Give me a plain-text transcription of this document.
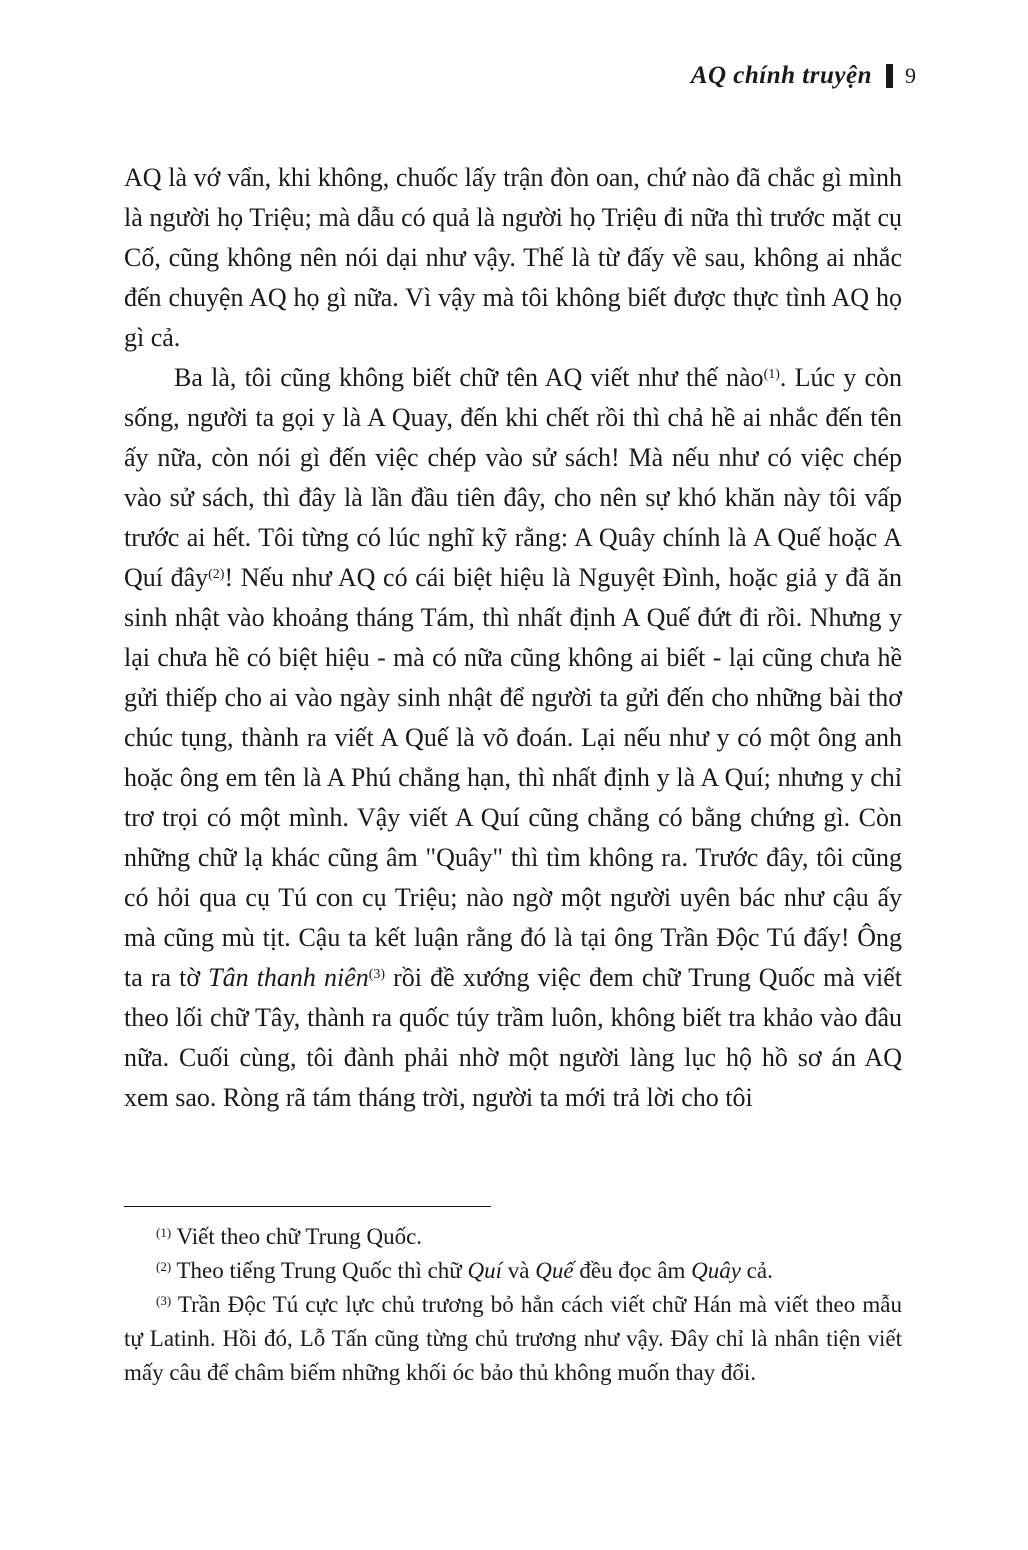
AQ chính truyện 9

AQ là vớ vẩn, khi không, chuốc lấy trận đòn oan, chứ nào đã chắc gì mình là người họ Triệu; mà dẫu có quả là người họ Triệu đi nữa thì trước mặt cụ Cố, cũng không nên nói dại như vậy. Thế là từ đấy về sau, không ai nhắc đến chuyện AQ họ gì nữa. Vì vậy mà tôi không biết được thực tình AQ họ gì cả.

Ba là, tôi cũng không biết chữ tên AQ viết như thế nào$^{(1)}$. Lúc y còn sống, người ta gọi y là A Quay, đến khi chết rồi thì chả hề ai nhắc đến tên ấy nữa, còn nói gì đến việc chép vào sử sách! Mà nếu như có việc chép vào sử sách, thì đây là lần đầu tiên đây, cho nên sự khó khăn này tôi vấp trước ai hết. Tôi từng có lúc nghĩ kỹ rằng: A Quây chính là A Quế hoặc A Quí đây$^{(2)}$! Nếu như AQ có cái biệt hiệu là Nguyệt Đình, hoặc giả y đã ăn sinh nhật vào khoảng tháng Tám, thì nhất định A Quế đứt đi rồi. Nhưng y lại chưa hề có biệt hiệu - mà có nữa cũng không ai biết - lại cũng chưa hề gửi thiếp cho ai vào ngày sinh nhật để người ta gửi đến cho những bài thơ chúc tụng, thành ra viết A Quế là võ đoán. Lại nếu như y có một ông anh hoặc ông em tên là A Phú chẳng hạn, thì nhất định y là A Quí; nhưng y chỉ trơ trọi có một mình. Vậy viết A Quí cũng chẳng có bằng chứng gì. Còn những chữ lạ khác cũng âm "Quây" thì tìm không ra. Trước đây, tôi cũng có hỏi qua cụ Tú con cụ Triệu; nào ngờ một người uyên bác như cậu ấy mà cũng mù tịt. Cậu ta kết luận rằng đó là tại ông Trần Độc Tú đấy! Ông ta ra tờ Tân thanh niên$^{(3)}$ rồi đề xướng việc đem chữ Trung Quốc mà viết theo lối chữ Tây, thành ra quốc túy trầm luôn, không biết tra khảo vào đâu nữa. Cuối cùng, tôi đành phải nhờ một người làng lục hộ hồ sơ án AQ xem sao. Ròng rã tám tháng trời, người ta mới trả lời cho tôi

$^{(1)}$ Viết theo chữ Trung Quốc.

$^{(2)}$ Theo tiếng Trung Quốc thì chữ Quí và Quế đều đọc âm Quây cả.

$^{(3)}$ Trần Độc Tú cực lực chủ trương bỏ hẳn cách viết chữ Hán mà viết theo mẫu tự Latinh. Hồi đó, Lỗ Tấn cũng từng chủ trương như vậy. Đây chỉ là nhân tiện viết mấy câu để châm biếm những khối óc bảo thủ không muốn thay đổi.
